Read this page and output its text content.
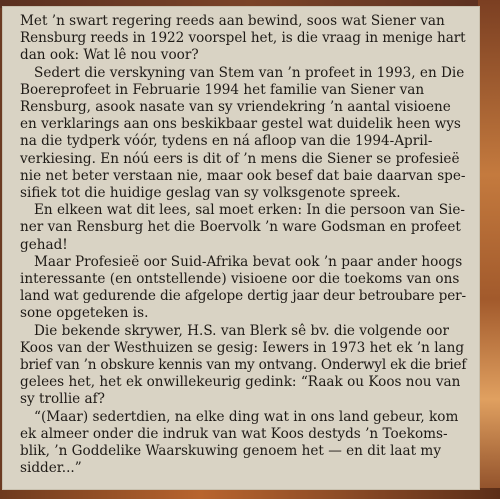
Met ’n swart regering reeds aan bewind, soos wat Siener van
Rensburg reeds in 1922 voorspel het, is die vraag in menige hart
dan ook: Wat lê nou voor?
Sedert die verskyning van Stem van ’n profeet in 1993, en Die
Boereprofeet in Februarie 1994 het familie van Siener van
Rensburg, asook nasate van sy vriendekring ’n aantal visioene
en verklarings aan ons beskikbaar gestel wat duidelik heen wys
na die tydperk vóór, tydens en ná afloop van die 1994-April-
verkiesing. En nóú eers is dit of ’n mens die Siener se profesieë
nie net beter verstaan nie, maar ook besef dat baie daarvan spe-
sifiek tot die huidige geslag van sy volksgenote spreek.
En elkeen wat dit lees, sal moet erken: In die persoon van Sie-
ner van Rensburg het die Boervolk ’n ware Godsman en profeet
gehad!
Maar Profesieë oor Suid-Afrika bevat ook ’n paar ander hoogs
interessante (en ontstellende) visioene oor die toekoms van ons
land wat gedurende die afgelope dertig jaar deur betroubare per-
sone opgeteken is.
Die bekende skrywer, H.S. van Blerk sê bv. die volgende oor
Koos van der Westhuizen se gesig: Iewers in 1973 het ek ’n lang
brief van ’n obskure kennis van my ontvang. Onderwyl ek die brief
gelees het, het ek onwillekeurig gedink: “Raak ou Koos nou van
sy trollie af?
“(Maar) sedertdien, na elke ding wat in ons land gebeur, kom
ek almeer onder die indruk van wat Koos destyds ’n Toekoms-
blik, ’n Goddelike Waarskuwing genoem het — en dit laat my
sidder...”
